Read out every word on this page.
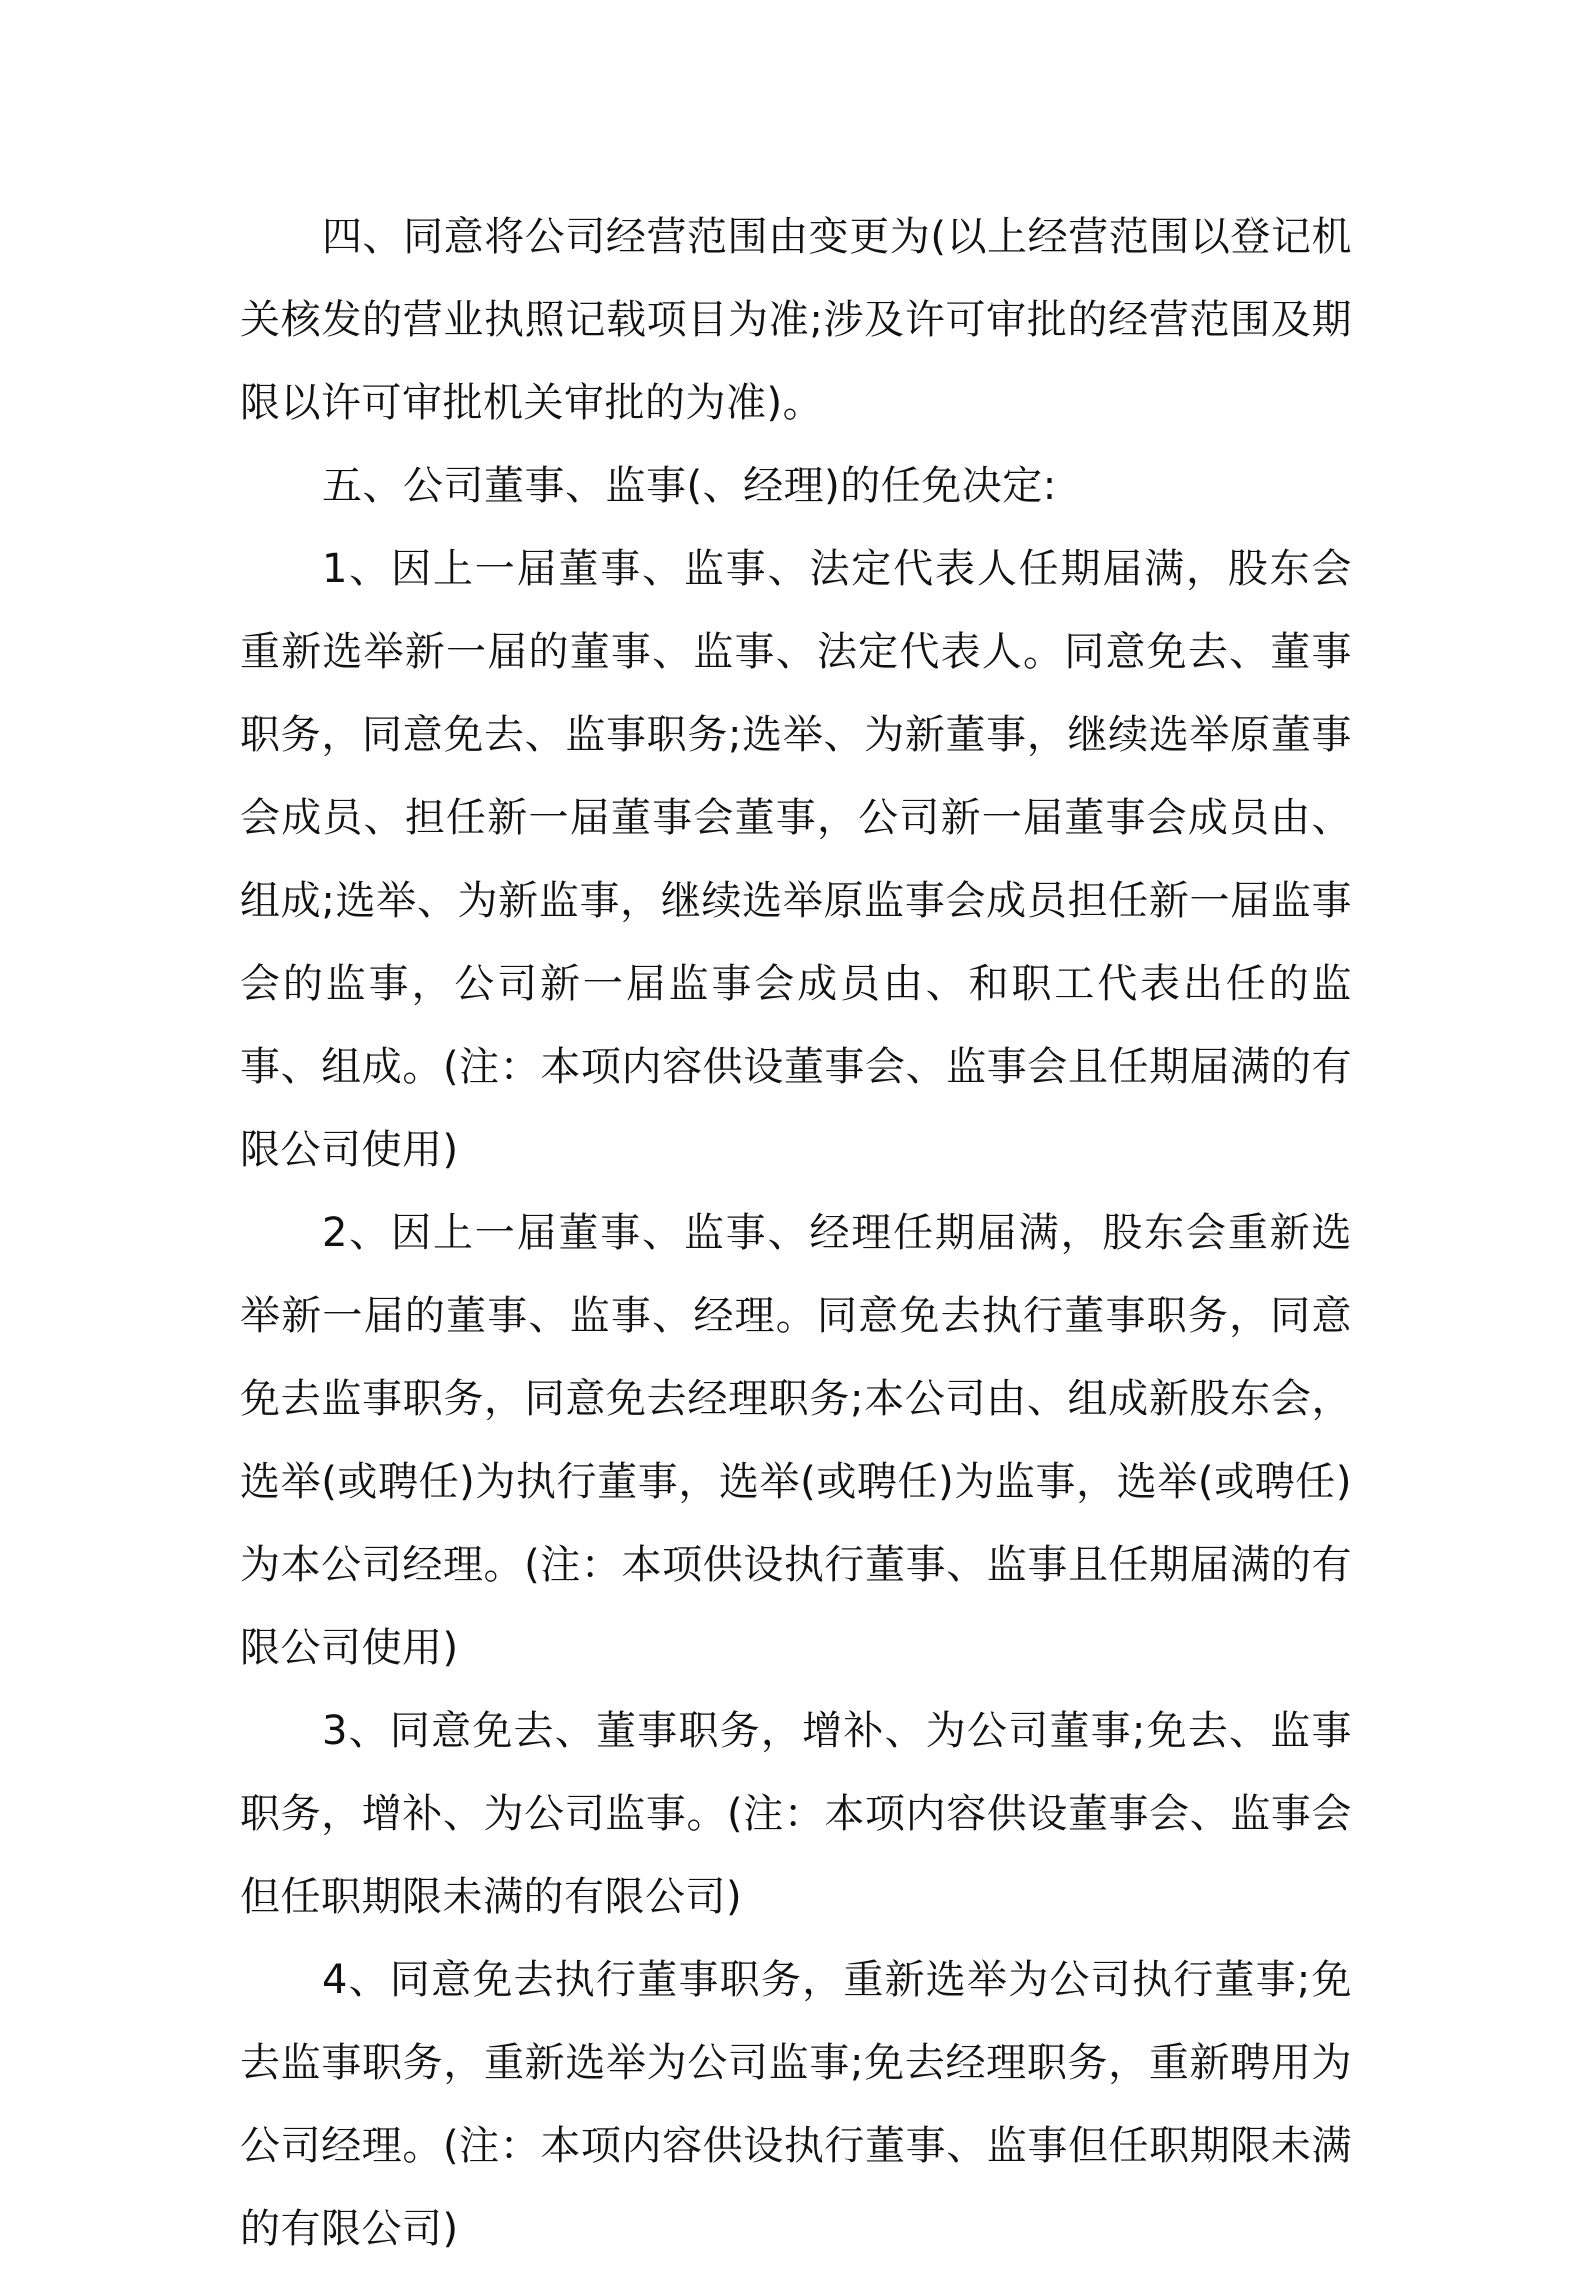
四、同意将公司经营范围由变更为(以上经营范围以登记机关核发的营业执照记载项目为准;涉及许可审批的经营范围及期限以许可审批机关审批的为准)。

五、公司董事、监事(、经理)的任免决定:

1、因上一届董事、监事、法定代表人任期届满，股东会重新选举新一届的董事、监事、法定代表人。同意免去、董事职务，同意免去、监事职务;选举、为新董事，继续选举原董事会成员、担任新一届董事会董事，公司新一届董事会成员由、组成;选举、为新监事，继续选举原监事会成员担任新一届监事会的监事，公司新一届监事会成员由、和职工代表出任的监事、组成。(注：本项内容供设董事会、监事会且任期届满的有限公司使用)

2、因上一届董事、监事、经理任期届满，股东会重新选举新一届的董事、监事、经理。同意免去执行董事职务，同意免去监事职务，同意免去经理职务;本公司由、组成新股东会，选举(或聘任)为执行董事，选举(或聘任)为监事，选举(或聘任)为本公司经理。(注：本项供设执行董事、监事且任期届满的有限公司使用)

3、同意免去、董事职务，增补、为公司董事;免去、监事职务，增补、为公司监事。(注：本项内容供设董事会、监事会但任职期限未满的有限公司)

4、同意免去执行董事职务，重新选举为公司执行董事;免去监事职务，重新选举为公司监事;免去经理职务，重新聘用为公司经理。(注：本项内容供设执行董事、监事但任职期限未满的有限公司)
